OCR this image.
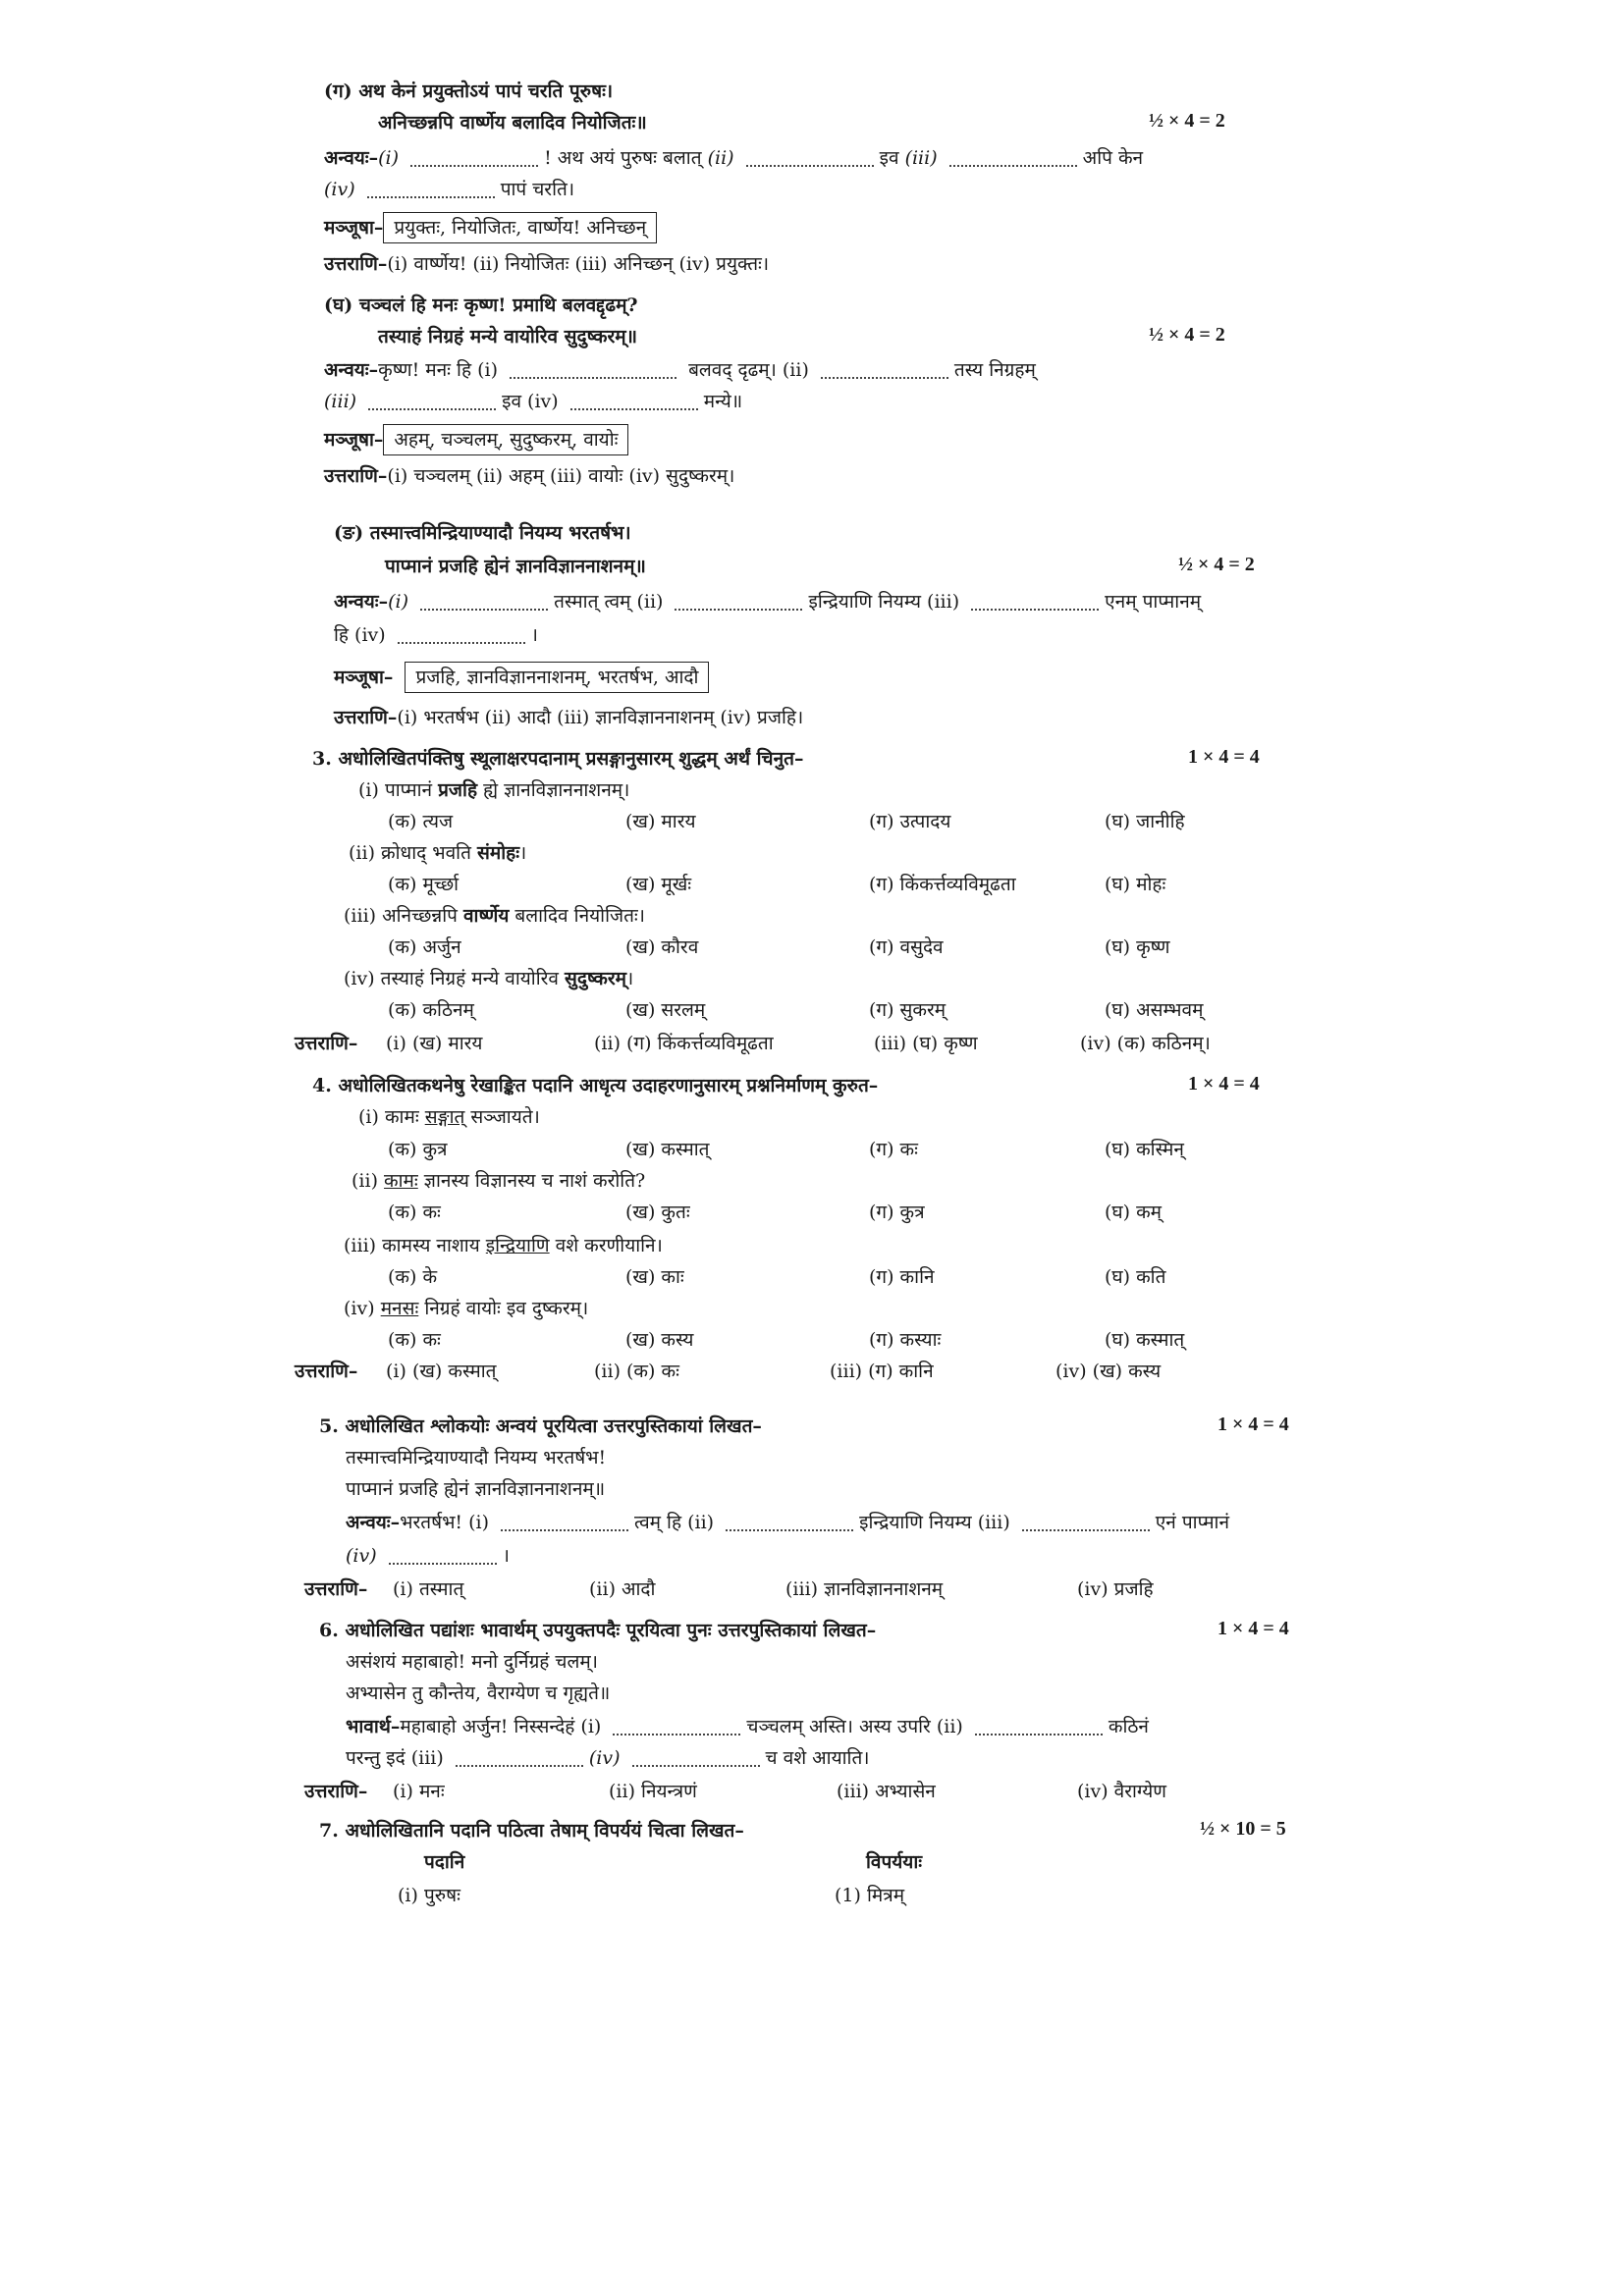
(ग) अथ केनं प्रयुक्तोऽयं पापं चरति पूरुषः।
अनिच्छन्नपि वार्ष्णेय बलादिव नियोजितः॥	½ × 4 = 2
अन्वयः–(i)	! अथ अयं पुरुषः बलात् (ii)	इव (iii)	अपि केन
(iv)	पापं चरति।
मञ्जूषा– प्रयुक्तः, नियोजितः, वार्ष्णेय! अनिच्छन्
उत्तराणि–(i) वार्ष्णेय! (ii) नियोजितः (iii) अनिच्छन् (iv) प्रयुक्तः।
(घ) चञ्चलं हि मनः कृष्ण! प्रमाथि बलवद्दृढम्?
तस्याहं निग्रहं मन्ये वायोरिव सुदुष्करम्॥	½ × 4 = 2
अन्वयः–कृष्ण! मनः हि (i)	बलवद् दृढम्। (ii)	तस्य निग्रहम्
(iii)	इव (iv)	मन्ये॥
मञ्जूषा– अहम्, चञ्चलम्, सुदुष्करम्, वायोः
उत्तराणि–(i) चञ्चलम् (ii) अहम् (iii) वायोः (iv) सुदुष्करम्।
(ङ) तस्मात्त्वमिन्द्रियाण्यादौ नियम्य भरतर्षभ।
पाप्मानं प्रजहि ह्येनं ज्ञानविज्ञाननाशनम्॥	½ × 4 = 2
अन्वयः–(i)	तस्मात् त्वम् (ii)	इन्द्रियाणि नियम्य (iii)	एनम् पाप्मानम्
हि (iv)	।
मञ्जूषा– प्रजहि, ज्ञानविज्ञाननाशनम्, भरतर्षभ, आदौ
उत्तराणि–(i) भरतर्षभ (ii) आदौ (iii) ज्ञानविज्ञाननाशनम् (iv) प्रजहि।
3. अधोलिखितपंक्तिषु स्थूलाक्षरपदानाम् प्रसङ्गानुसारम् शुद्धम् अर्थं चिनुत–	1 × 4 = 4
(i) पाप्मानं प्रजहि ह्ये ज्ञानविज्ञाननाशनम्।
(क) त्यज	(ख) मारय	(ग) उत्पादय	(घ) जानीहि
(ii) क्रोधाद् भवति संमोहः।
(क) मूर्च्छा	(ख) मूर्खः	(ग) किंकर्त्तव्यविमूढता	(घ) मोहः
(iii) अनिच्छन्नपि वार्ष्णेय बलादिव नियोजितः।
(क) अर्जुन	(ख) कौरव	(ग) वसुदेव	(घ) कृष्ण
(iv) तस्याहं निग्रहं मन्ये वायोरिव सुदुष्करम्।
(क) कठिनम्	(ख) सरलम्	(ग) सुकरम्	(घ) असम्भवम्
उत्तराणि– (i) (ख) मारय	(ii) (ग) किंकर्त्तव्यविमूढता	(iii) (घ) कृष्ण	(iv) (क) कठिनम्।
4. अधोलिखितकथनेषु रेखाङ्कित पदानि आधृत्य उदाहरणानुसारम् प्रश्ननिर्माणम् कुरुत–	1 × 4 = 4
(i) कामः सङ्गात् सञ्जायते।
(क) कुत्र	(ख) कस्मात्	(ग) कः	(घ) कस्मिन्
(ii) कामः ज्ञानस्य विज्ञानस्य च नाशं करोति?
(क) कः	(ख) कुतः	(ग) कुत्र	(घ) कम्
(iii) कामस्य नाशाय इन्द्रियाणि वशे करणीयानि।
(क) के	(ख) काः	(ग) कानि	(घ) कति
(iv) मनसः निग्रहं वायोः इव दुष्करम्।
(क) कः	(ख) कस्य	(ग) कस्याः	(घ) कस्मात्
उत्तराणि– (i) (ख) कस्मात्	(ii) (क) कः	(iii) (ग) कानि	(iv) (ख) कस्य
5. अधोलिखित श्लोकयोः अन्वयं पूरयित्वा उत्तरपुस्तिकायां लिखत–	1 × 4 = 4
तस्मात्त्वमिन्द्रियाण्यादौ नियम्य भरतर्षभ!
पाप्मानं प्रजहि ह्येनं ज्ञानविज्ञाननाशनम्॥
अन्वयः–भरतर्षभ! (i)	त्वम् हि (ii)	इन्द्रियाणि नियम्य (iii)	एनं पाप्मानं
(iv)	।
उत्तराणि– (i) तस्मात्	(ii) आदौ	(iii) ज्ञानविज्ञाननाशनम्	(iv) प्रजहि
6. अधोलिखित पद्यांशः भावार्थम् उपयुक्तपदैः पूरयित्वा पुनः उत्तरपुस्तिकायां लिखत–	1 × 4 = 4
असंशयं महाबाहो! मनो दुर्निग्रहं चलम्।
अभ्यासेन तु कौन्तेय, वैराग्येण च गृह्यते॥
भावार्थ–महाबाहो अर्जुन! निस्सन्देहं (i)	चञ्चलम् अस्ति। अस्य उपरि (ii)	कठिनं
परन्तु इदं (iii)	(iv)	च वशे आयाति।
उत्तराणि– (i) मनः	(ii) नियन्त्रणं	(iii) अभ्यासेन	(iv) वैराग्येण
7. अधोलिखितानि पदानि पठित्वा तेषाम् विपर्ययं चित्वा लिखत–	½ × 10 = 5
पदानि	विपर्ययाः
(i) पुरुषः	(1) मित्रम्
